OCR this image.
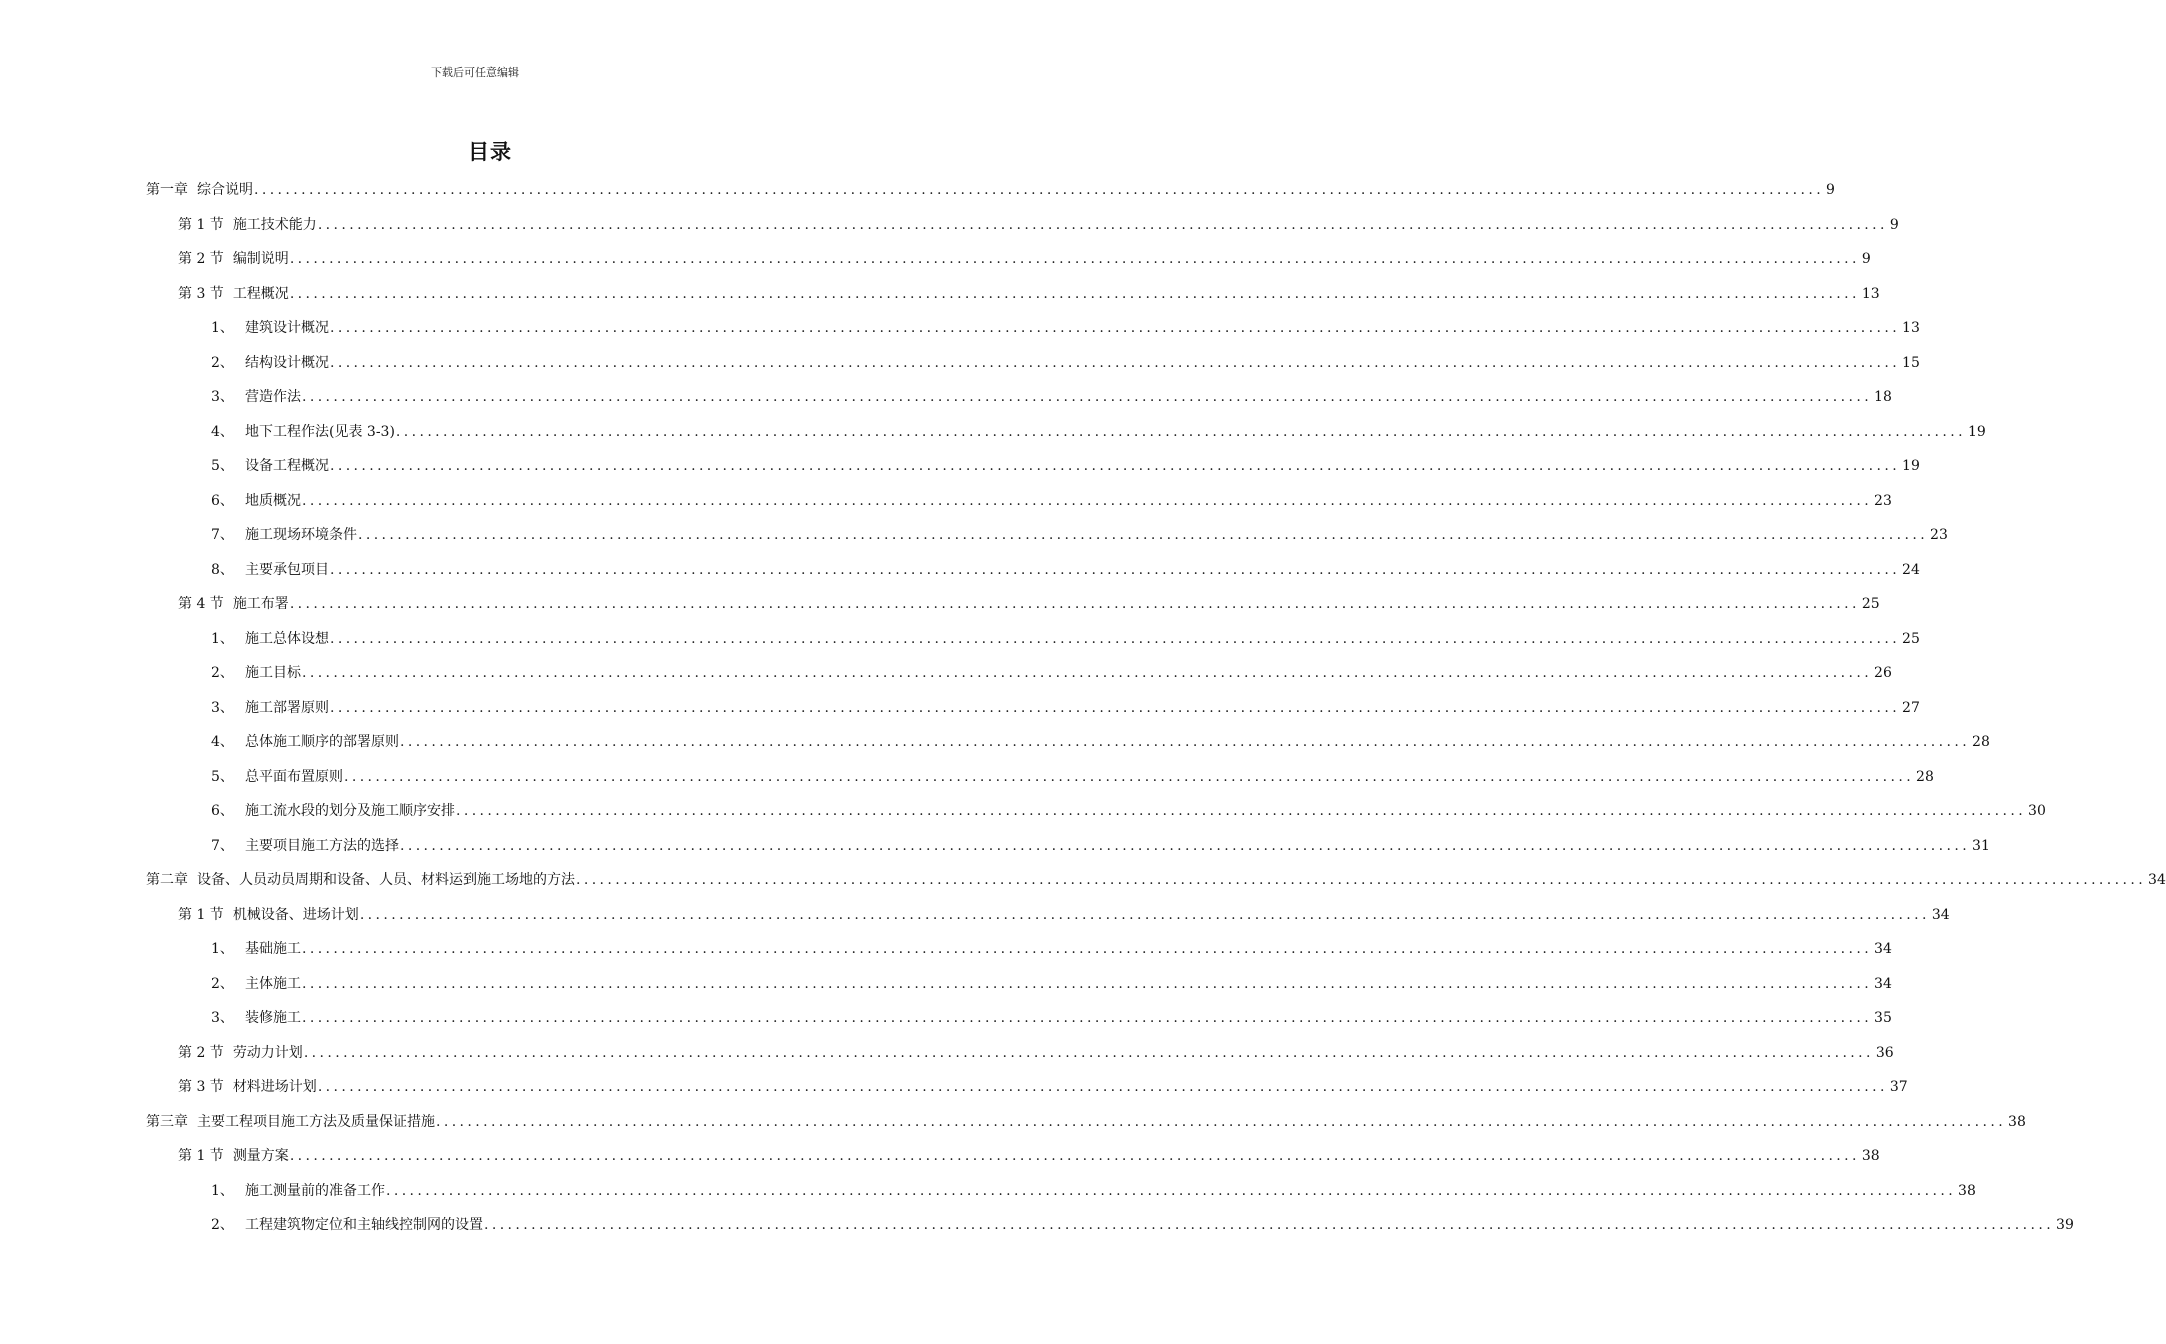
下载后可任意编辑
目录
第一章 综合说明 ........................................................................................................................................................................................................ 9
第 1 节 施工技术能力 ........................................................................................................................................................................................................ 9
第 2 节 编制说明 ........................................................................................................................................................................................................ 9
第 3 节 工程概况 ........................................................................................................................................................................................................ 13
1、 建筑设计概况 ........................................................................................................................................................................................................ 13
2、 结构设计概况 ........................................................................................................................................................................................................ 15
3、 营造作法 ........................................................................................................................................................................................................ 18
4、 地下工程作法(见表 3-3) ........................................................................................................................................................................................................ 19
5、 设备工程概况 ........................................................................................................................................................................................................ 19
6、 地质概况 ........................................................................................................................................................................................................ 23
7、 施工现场环境条件 ........................................................................................................................................................................................................ 23
8、 主要承包项目 ........................................................................................................................................................................................................ 24
第 4 节 施工布署 ........................................................................................................................................................................................................ 25
1、 施工总体设想 ........................................................................................................................................................................................................ 25
2、 施工目标 ........................................................................................................................................................................................................ 26
3、 施工部署原则 ........................................................................................................................................................................................................ 27
4、 总体施工顺序的部署原则 ........................................................................................................................................................................................................ 28
5、 总平面布置原则 ........................................................................................................................................................................................................ 28
6、 施工流水段的划分及施工顺序安排 ........................................................................................................................................................................................................ 30
7、 主要项目施工方法的选择 ........................................................................................................................................................................................................ 31
第二章 设备、人员动员周期和设备、人员、材料运到施工场地的方法 ........................................................................................................................................................................................................ 34
第 1 节 机械设备、进场计划 ........................................................................................................................................................................................................ 34
1、 基础施工 ........................................................................................................................................................................................................ 34
2、 主体施工 ........................................................................................................................................................................................................ 34
3、 装修施工 ........................................................................................................................................................................................................ 35
第 2 节 劳动力计划 ........................................................................................................................................................................................................ 36
第 3 节 材料进场计划 ........................................................................................................................................................................................................ 37
第三章 主要工程项目施工方法及质量保证措施 ........................................................................................................................................................................................................ 38
第 1 节 测量方案 ........................................................................................................................................................................................................ 38
1、 施工测量前的准备工作 ........................................................................................................................................................................................................ 38
2、 工程建筑物定位和主轴线控制网的设置 ........................................................................................................................................................................................................ 39
